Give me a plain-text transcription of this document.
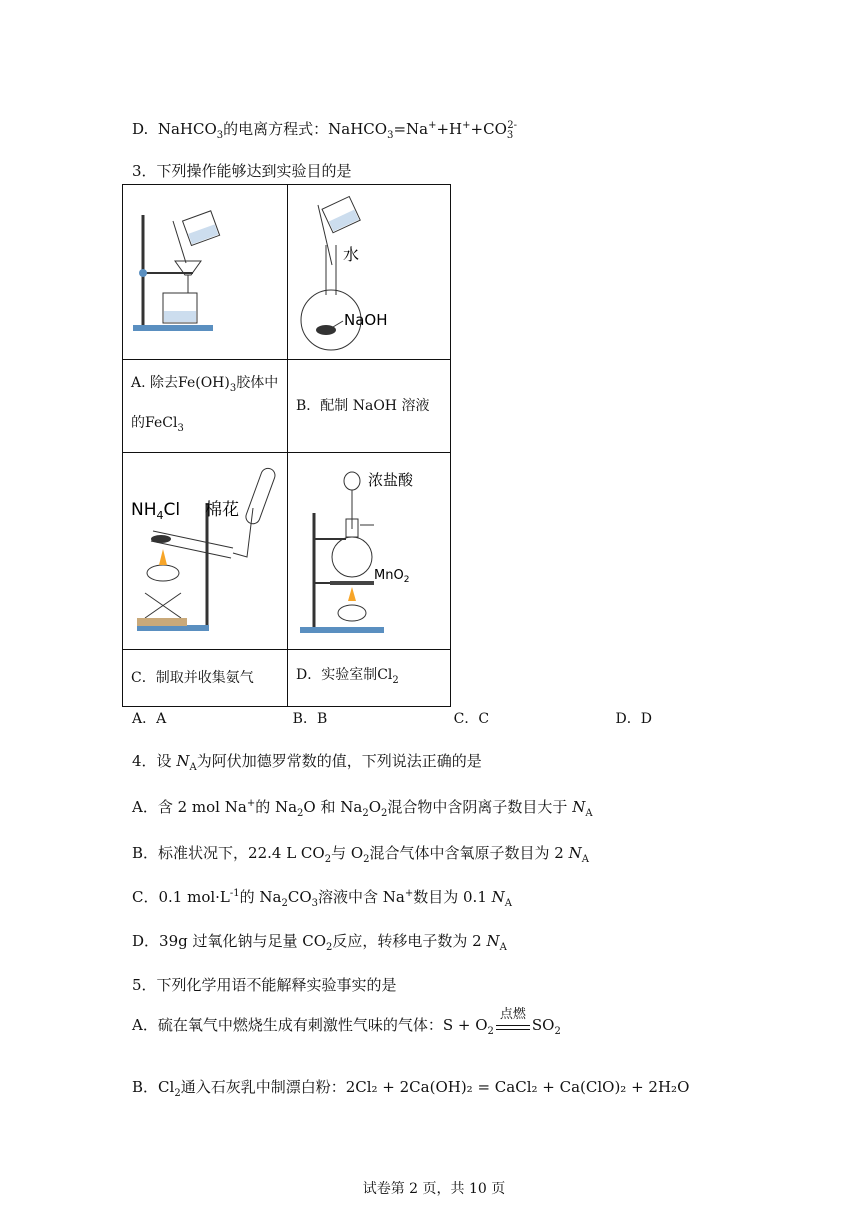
D. NaHCO$_3$的电离方程式：$NaHCO_3=Na^++H^++CO_3^{2-}$
3．下列操作能够达到实验目的是

水
NaOH

A. 除去$Fe(OH)_3$胶体中
的FeCl$_3$	B．配制 NaOH 溶液

$NH_4Cl$ 棉花	浓盐酸
MnO$_2$

C．制取并收集氨气	D．实验室制$Cl_2$
A．A	B．B	C．C	D．D
4．设 $N_A$为阿伏加德罗常数的值，下列说法正确的是
A．含 2 mol Na+的 $Na_2O$ 和 $Na_2O_2$混合物中含阴离子数目大于 $N_A$
B．标准状况下，22.4 L $CO_2$与 $O_2$混合气体中含氧原子数目为 2 $N_A$
C．0.1 $mol\cdot L^{-1}$的 $Na_2CO_3$溶液中含 Na+数目为 0.1 $N_A$
D．39g 过氧化钠与足量 $CO_2$反应，转移电子数为 2 $N_A$
5．下列化学用语不能解释实验事实的是
A．硫在氧气中燃烧生成有刺激性气味的气体：$S + O_2$
点燃
$SO_2$
B．$Cl_2$通入石灰乳中制漂白粉：2Cl₂ + 2Ca(OH)₂ = CaCl₂ + Ca(ClO)₂ + 2H₂O
试卷第 2 页，共 10 页
